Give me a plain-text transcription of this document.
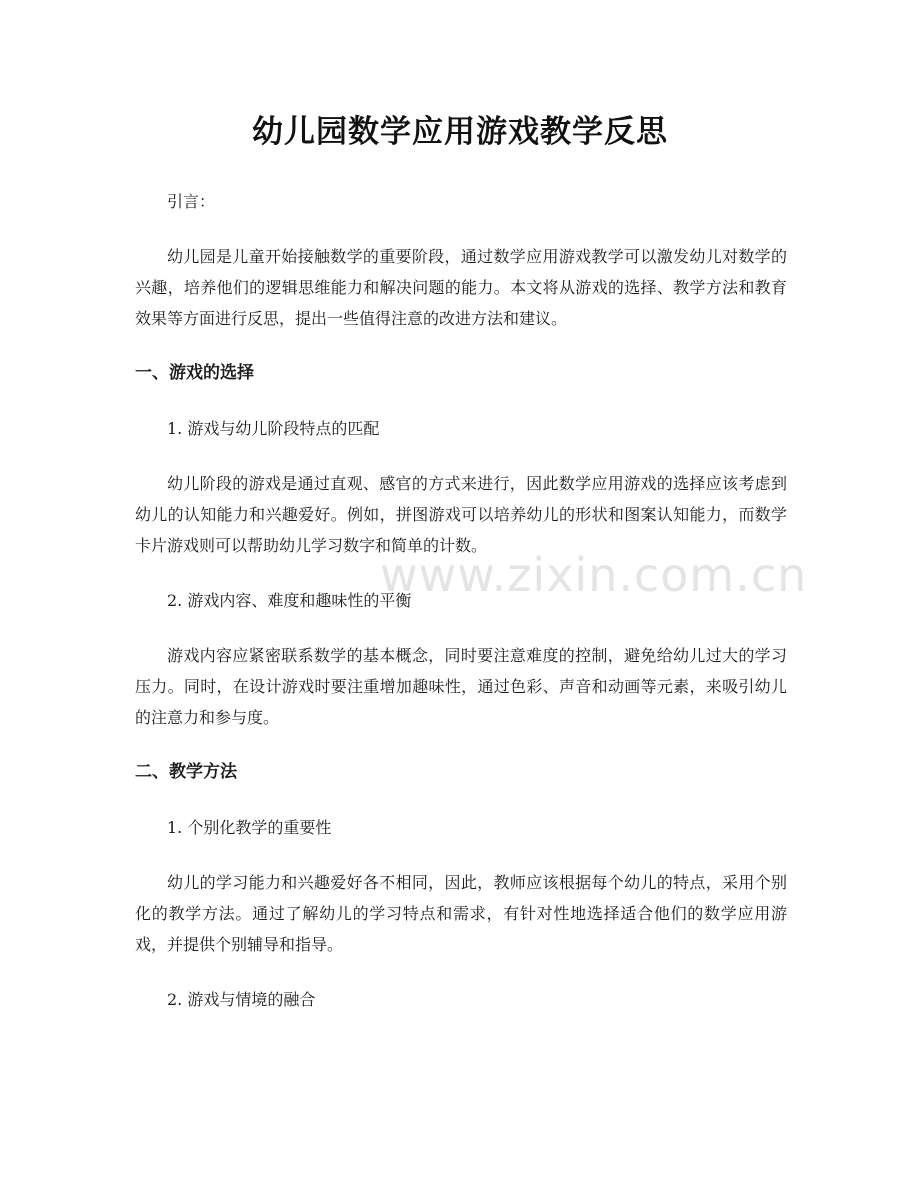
幼儿园数学应用游戏教学反思
www.zixin.com.cn
引言：
幼儿园是儿童开始接触数学的重要阶段，通过数学应用游戏教学可以激发幼儿对数学的兴趣，培养他们的逻辑思维能力和解决问题的能力。本文将从游戏的选择、教学方法和教育效果等方面进行反思，提出一些值得注意的改进方法和建议。
一、游戏的选择
1. 游戏与幼儿阶段特点的匹配
幼儿阶段的游戏是通过直观、感官的方式来进行，因此数学应用游戏的选择应该考虑到幼儿的认知能力和兴趣爱好。例如，拼图游戏可以培养幼儿的形状和图案认知能力，而数学卡片游戏则可以帮助幼儿学习数字和简单的计数。
2. 游戏内容、难度和趣味性的平衡
游戏内容应紧密联系数学的基本概念，同时要注意难度的控制，避免给幼儿过大的学习压力。同时，在设计游戏时要注重增加趣味性，通过色彩、声音和动画等元素，来吸引幼儿的注意力和参与度。
二、教学方法
1. 个别化教学的重要性
幼儿的学习能力和兴趣爱好各不相同，因此，教师应该根据每个幼儿的特点，采用个别化的教学方法。通过了解幼儿的学习特点和需求，有针对性地选择适合他们的数学应用游戏，并提供个别辅导和指导。
2. 游戏与情境的融合
